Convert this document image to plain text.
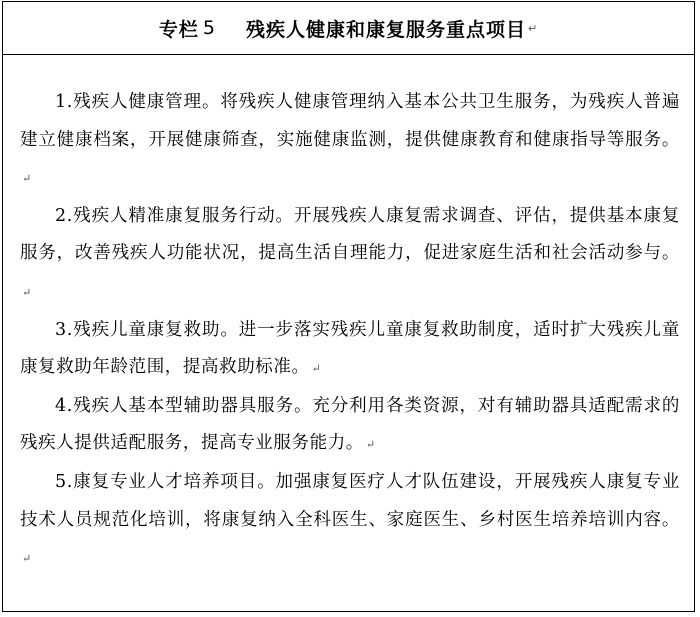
专栏 5 残疾人健康和康复服务重点项目 ↵

1.残疾人健康管理。将残疾人健康管理纳入基本公共卫生服务，为残疾人普遍建立健康档案，开展健康筛查，实施健康监测，提供健康教育和健康指导等服务。↵

2.残疾人精准康复服务行动。开展残疾人康复需求调查、评估，提供基本康复服务，改善残疾人功能状况，提高生活自理能力，促进家庭生活和社会活动参与。↵

3.残疾儿童康复救助。进一步落实残疾儿童康复救助制度，适时扩大残疾儿童康复救助年龄范围，提高救助标准。 ↵

4.残疾人基本型辅助器具服务。充分利用各类资源，对有辅助器具适配需求的残疾人提供适配服务，提高专业服务能力。 ↵

5.康复专业人才培养项目。加强康复医疗人才队伍建设，开展残疾人康复专业技术人员规范化培训，将康复纳入全科医生、家庭医生、乡村医生培养培训内容。↵
